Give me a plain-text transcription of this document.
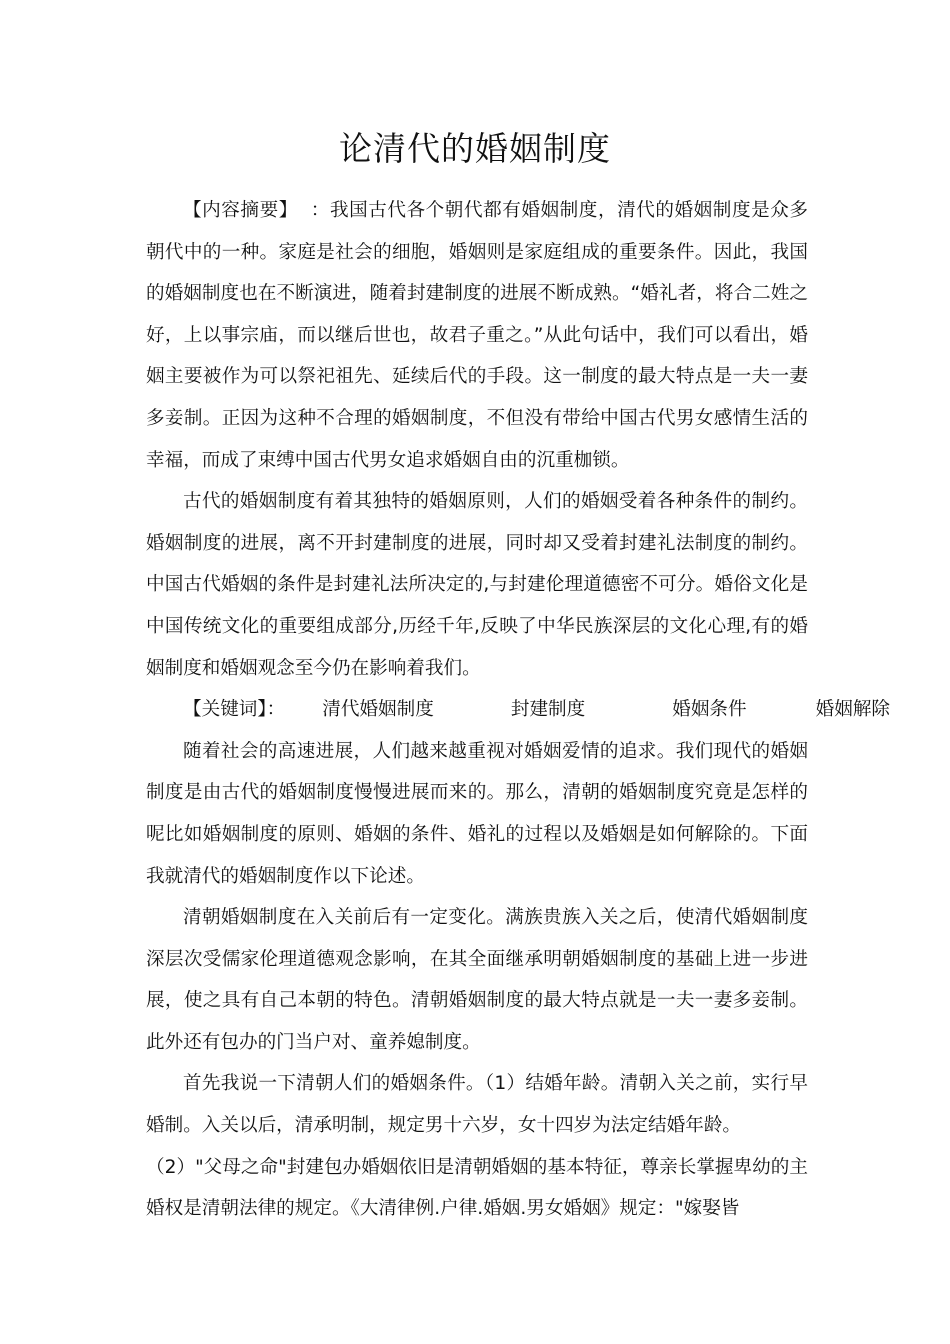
论清代的婚姻制度

【内容摘要】 ：我国古代各个朝代都有婚姻制度，清代的婚姻制度是众多朝代中的一种。家庭是社会的细胞，婚姻则是家庭组成的重要条件。因此，我国的婚姻制度也在不断演进，随着封建制度的进展不断成熟。“婚礼者，将合二姓之好，上以事宗庙，而以继后世也，故君子重之。”从此句话中，我们可以看出，婚姻主要被作为可以祭祀祖先、延续后代的手段。这一制度的最大特点是一夫一妻多妾制。正因为这种不合理的婚姻制度，不但没有带给中国古代男女感情生活的幸福，而成了束缚中国古代男女追求婚姻自由的沉重枷锁。

古代的婚姻制度有着其独特的婚姻原则，人们的婚姻受着各种条件的制约。婚姻制度的进展，离不开封建制度的进展，同时却又受着封建礼法制度的制约。中国古代婚姻的条件是封建礼法所决定的,与封建伦理道德密不可分。婚俗文化是中国传统文化的重要组成部分,历经千年,反映了中华民族深层的文化心理,有的婚姻制度和婚姻观念至今仍在影响着我们。

【关键词】： 清代婚姻制度	封建制度	婚姻条件	婚姻解除

随着社会的高速进展，人们越来越重视对婚姻爱情的追求。我们现代的婚姻制度是由古代的婚姻制度慢慢进展而来的。那么，清朝的婚姻制度究竟是怎样的呢比如婚姻制度的原则、婚姻的条件、婚礼的过程以及婚姻是如何解除的。下面我就清代的婚姻制度作以下论述。

清朝婚姻制度在入关前后有一定变化。满族贵族入关之后，使清代婚姻制度深层次受儒家伦理道德观念影响，在其全面继承明朝婚姻制度的基础上进一步进展，使之具有自己本朝的特色。清朝婚姻制度的最大特点就是一夫一妻多妾制。此外还有包办的门当户对、童养媳制度。

首先我说一下清朝人们的婚姻条件。（1）结婚年龄。清朝入关之前，实行早婚制。入关以后，清承明制，规定男十六岁，女十四岁为法定结婚年龄。

（2）"父母之命"封建包办婚姻依旧是清朝婚姻的基本特征，尊亲长掌握卑幼的主婚权是清朝法律的规定。《大清律例.户律.婚姻.男女婚姻》规定："嫁娶皆
